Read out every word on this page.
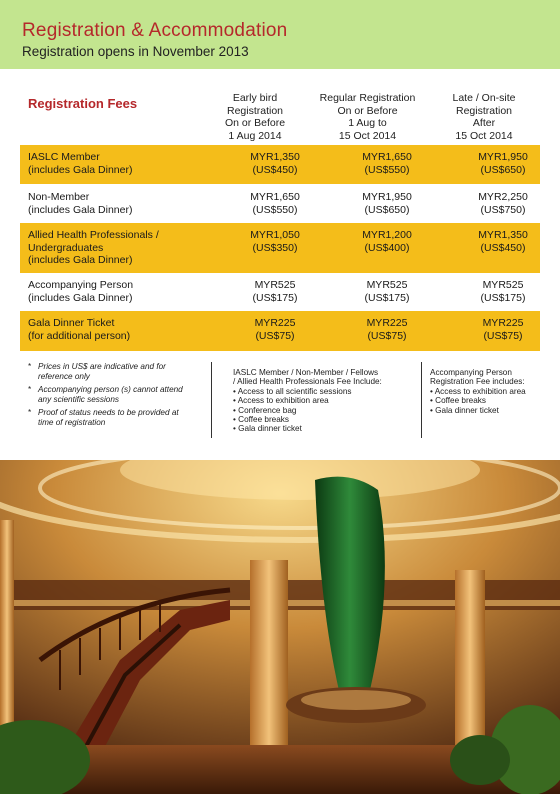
Registration & Accommodation
Registration opens in November 2013
Registration Fees	Early bird
Registration
On or Before
1 Aug 2014
Regular Registration
On or Before
1 Aug to
15 Oct 2014
Late / On-site
Registration
After
15 Oct 2014
IASLC Member
(includes Gala Dinner)
MYR1,350
(US$450)
MYR1,650
(US$550)
MYR1,950
(US$650)
Non-Member
(includes Gala Dinner)
MYR1,650
(US$550)
MYR1,950
(US$650)
MYR2,250
(US$750)
Allied Health Professionals /
Undergraduates
(includes Gala Dinner)
MYR1,050
(US$350)
MYR1,200
(US$400)
MYR1,350
(US$450)
Accompanying Person
(includes Gala Dinner)
MYR525
(US$175)
MYR525
(US$175)
MYR525
(US$175)
Gala Dinner Ticket
(for additional person)
MYR225
(US$75)
MYR225
(US$75)
MYR225
(US$75)
* Prices in US$ are indicative and for
reference only
* Accompanying person (s) cannot attend
any scientific sessions
* Proof of status needs to be provided at
time of registration
IASLC Member / Non-Member / Fellows
/ Allied Health Professionals Fee Include:
• Access to all scientific sessions
• Access to exhibition area
• Conference bag
• Coffee breaks
• Gala dinner ticket
Accompanying Person
Registration Fee includes:
• Access to exhibition area
• Coffee breaks
• Gala dinner ticket
